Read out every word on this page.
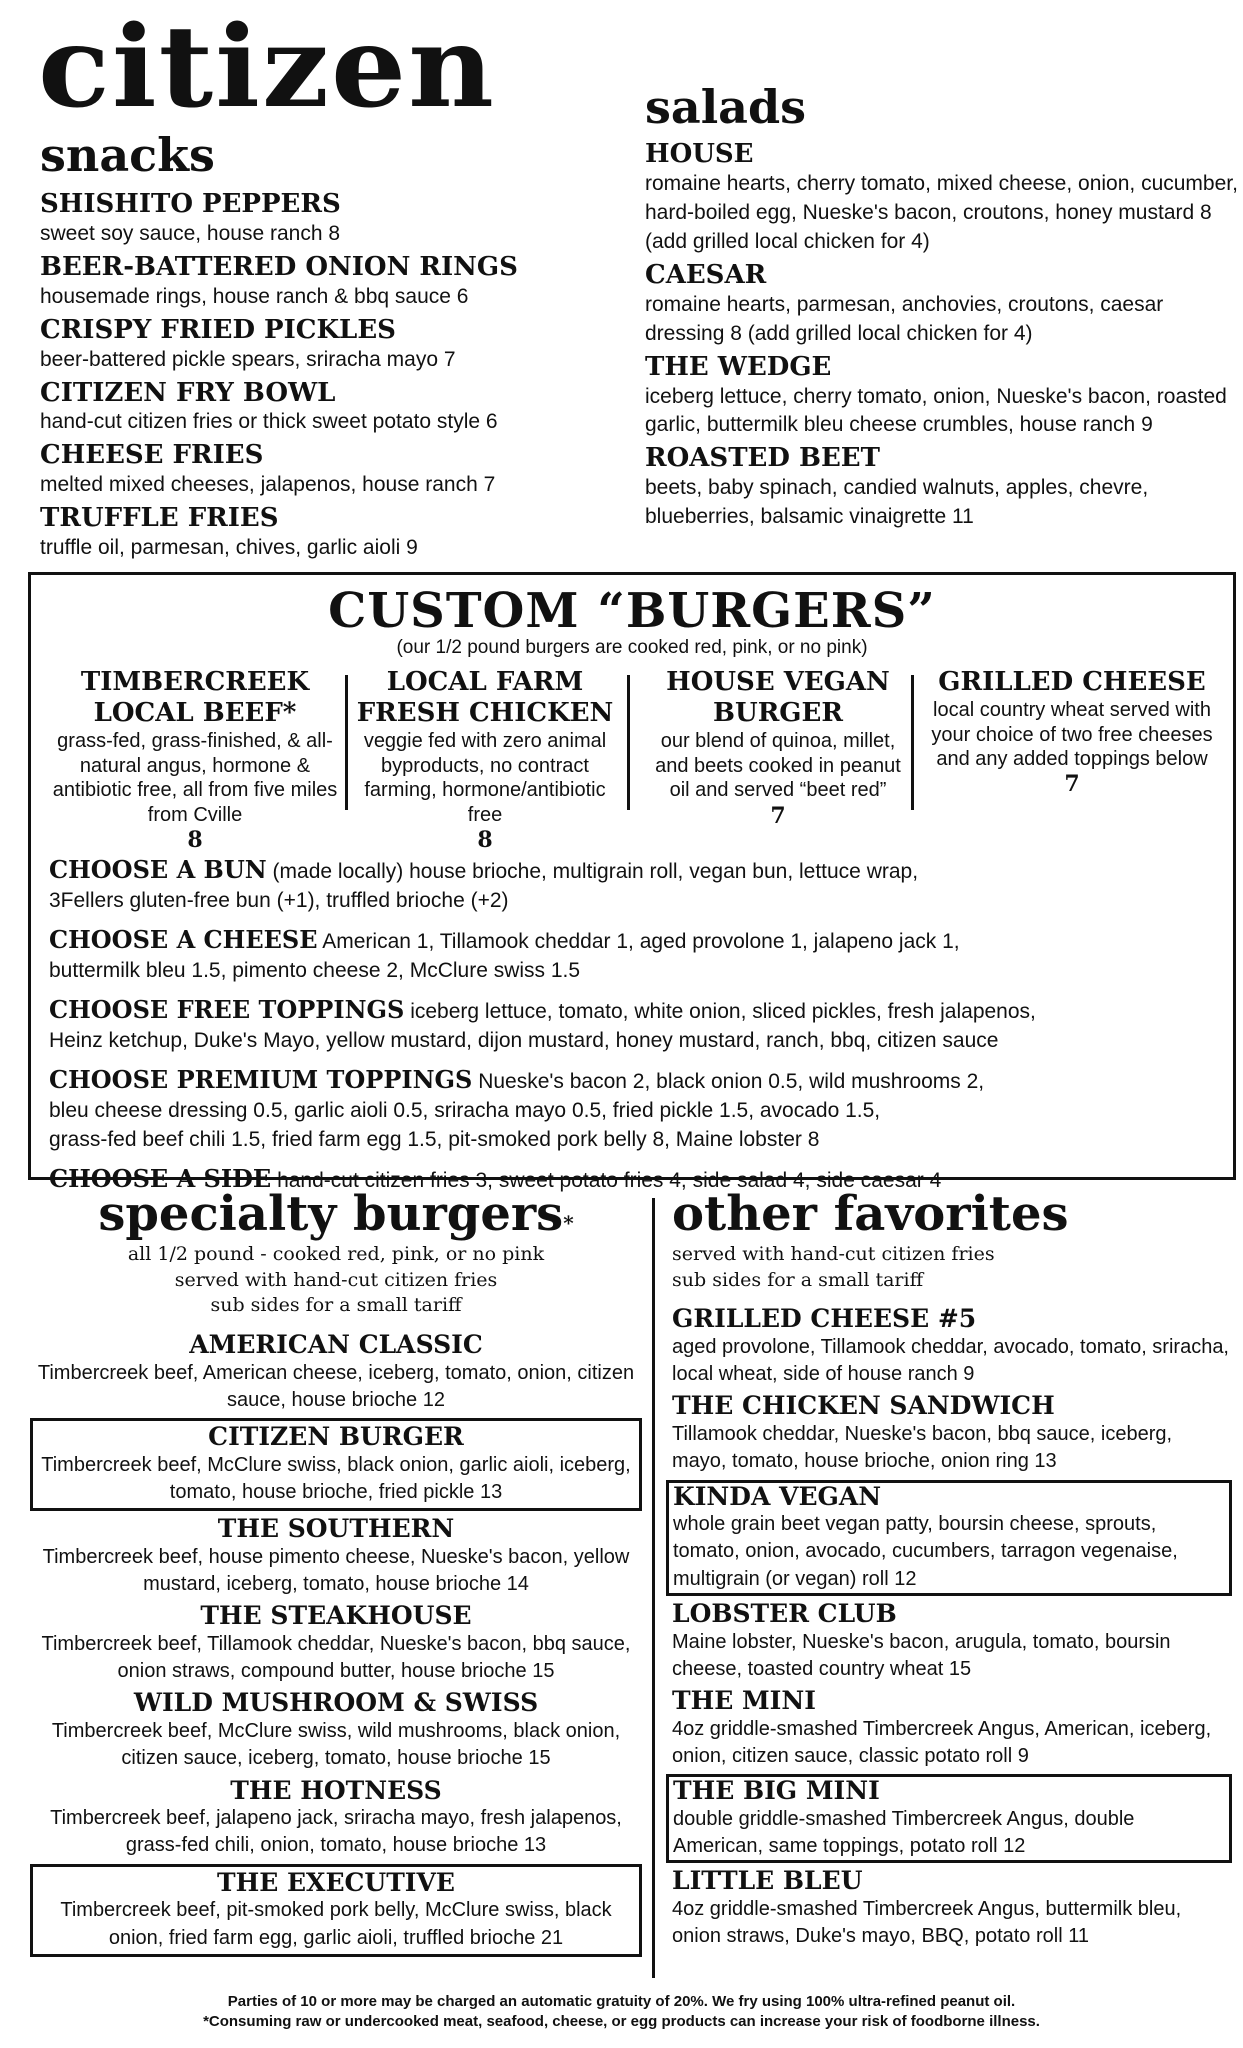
citizen
snacks
SHISHITO PEPPERS
sweet soy sauce, house ranch 8
BEER-BATTERED ONION RINGS
housemade rings, house ranch & bbq sauce 6
CRISPY FRIED PICKLES
beer-battered pickle spears, sriracha mayo 7
CITIZEN FRY BOWL
hand-cut citizen fries or thick sweet potato style 6
CHEESE FRIES
melted mixed cheeses, jalapenos, house ranch 7
TRUFFLE FRIES
truffle oil, parmesan, chives, garlic aioli 9
salads
HOUSE
romaine hearts, cherry tomato, mixed cheese, onion, cucumber, hard-boiled egg, Nueske's bacon, croutons, honey mustard 8 (add grilled local chicken for 4)
CAESAR
romaine hearts, parmesan, anchovies, croutons, caesar dressing 8 (add grilled local chicken for 4)
THE WEDGE
iceberg lettuce, cherry tomato, onion, Nueske's bacon, roasted garlic, buttermilk bleu cheese crumbles, house ranch 9
ROASTED BEET
beets, baby spinach, candied walnuts, apples, chevre, blueberries, balsamic vinaigrette 11
CUSTOM “BURGERS”
(our 1/2 pound burgers are cooked red, pink, or no pink)
TIMBERCREEK LOCAL BEEF*
grass-fed, grass-finished, & all-natural angus, hormone & antibiotic free, all from five miles from Cville
8
LOCAL FARM FRESH CHICKEN
veggie fed with zero animal byproducts, no contract farming, hormone/antibiotic free
8
HOUSE VEGAN BURGER
our blend of quinoa, millet, and beets cooked in peanut oil and served “beet red”
7
GRILLED CHEESE
local country wheat served with your choice of two free cheeses and any added toppings below
7
CHOOSE A BUN (made locally) house brioche, multigrain roll, vegan bun, lettuce wrap,
3Fellers gluten-free bun (+1), truffled brioche (+2)
CHOOSE A CHEESE American 1, Tillamook cheddar 1, aged provolone 1, jalapeno jack 1,
buttermilk bleu 1.5, pimento cheese 2, McClure swiss 1.5
CHOOSE FREE TOPPINGS iceberg lettuce, tomato, white onion, sliced pickles, fresh jalapenos,
Heinz ketchup, Duke's Mayo, yellow mustard, dijon mustard, honey mustard, ranch, bbq, citizen sauce
CHOOSE PREMIUM TOPPINGS Nueske's bacon 2, black onion 0.5, wild mushrooms 2,
bleu cheese dressing 0.5, garlic aioli 0.5, sriracha mayo 0.5, fried pickle 1.5, avocado 1.5,
grass-fed beef chili 1.5, fried farm egg 1.5, pit-smoked pork belly 8, Maine lobster 8
CHOOSE A SIDE hand-cut citizen fries 3, sweet potato fries 4, side salad 4, side caesar 4
specialty burgers*
all 1/2 pound - cooked red, pink, or no pink
served with hand-cut citizen fries
sub sides for a small tariff
AMERICAN CLASSIC
Timbercreek beef, American cheese, iceberg, tomato, onion, citizen sauce, house brioche 12
CITIZEN BURGER
Timbercreek beef, McClure swiss, black onion, garlic aioli, iceberg, tomato, house brioche, fried pickle 13
THE SOUTHERN
Timbercreek beef, house pimento cheese, Nueske's bacon, yellow mustard, iceberg, tomato, house brioche 14
THE STEAKHOUSE
Timbercreek beef, Tillamook cheddar, Nueske's bacon, bbq sauce, onion straws, compound butter, house brioche 15
WILD MUSHROOM & SWISS
Timbercreek beef, McClure swiss, wild mushrooms, black onion, citizen sauce, iceberg, tomato, house brioche 15
THE HOTNESS
Timbercreek beef, jalapeno jack, sriracha mayo, fresh jalapenos, grass-fed chili, onion, tomato, house brioche 13
THE EXECUTIVE
Timbercreek beef, pit-smoked pork belly, McClure swiss, black onion, fried farm egg, garlic aioli, truffled brioche 21
other favorites
served with hand-cut citizen fries
sub sides for a small tariff
GRILLED CHEESE #5
aged provolone, Tillamook cheddar, avocado, tomato, sriracha, local wheat, side of house ranch 9
THE CHICKEN SANDWICH
Tillamook cheddar, Nueske's bacon, bbq sauce, iceberg, mayo, tomato, house brioche, onion ring 13
KINDA VEGAN
whole grain beet vegan patty, boursin cheese, sprouts, tomato, onion, avocado, cucumbers, tarragon vegenaise, multigrain (or vegan) roll 12
LOBSTER CLUB
Maine lobster, Nueske's bacon, arugula, tomato, boursin cheese, toasted country wheat 15
THE MINI
4oz griddle-smashed Timbercreek Angus, American, iceberg, onion, citizen sauce, classic potato roll 9
THE BIG MINI
double griddle-smashed Timbercreek Angus, double American, same toppings, potato roll 12
LITTLE BLEU
4oz griddle-smashed Timbercreek Angus, buttermilk bleu, onion straws, Duke's mayo, BBQ, potato roll 11
Parties of 10 or more may be charged an automatic gratuity of 20%. We fry using 100% ultra-refined peanut oil.
*Consuming raw or undercooked meat, seafood, cheese, or egg products can increase your risk of foodborne illness.
